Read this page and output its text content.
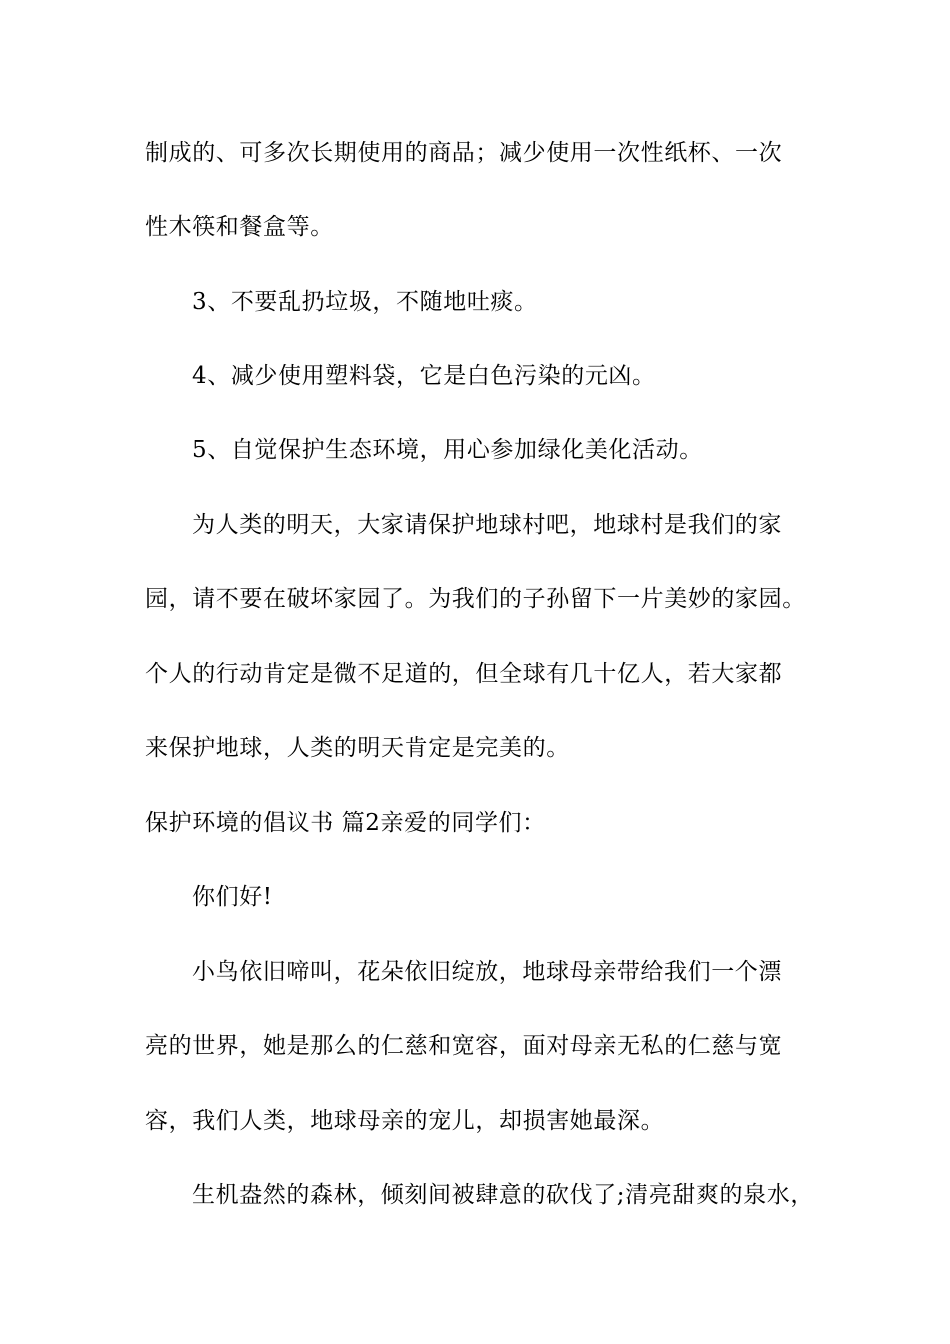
制成的、可多次长期使用的商品；减少使用一次性纸杯、一次
性木筷和餐盒等。
3、不要乱扔垃圾，不随地吐痰。
4、减少使用塑料袋，它是白色污染的元凶。
5、自觉保护生态环境，用心参加绿化美化活动。
为人类的明天，大家请保护地球村吧，地球村是我们的家
园，请不要在破坏家园了。为我们的子孙留下一片美妙的家园。
个人的行动肯定是微不足道的，但全球有几十亿人，若大家都
来保护地球，人类的明天肯定是完美的。
保护环境的倡议书 篇2亲爱的同学们：
你们好!
小鸟依旧啼叫，花朵依旧绽放，地球母亲带给我们一个漂
亮的世界，她是那么的仁慈和宽容，面对母亲无私的仁慈与宽
容，我们人类，地球母亲的宠儿，却损害她最深。
生机盎然的森林，倾刻间被肆意的砍伐了;清亮甜爽的泉水，
